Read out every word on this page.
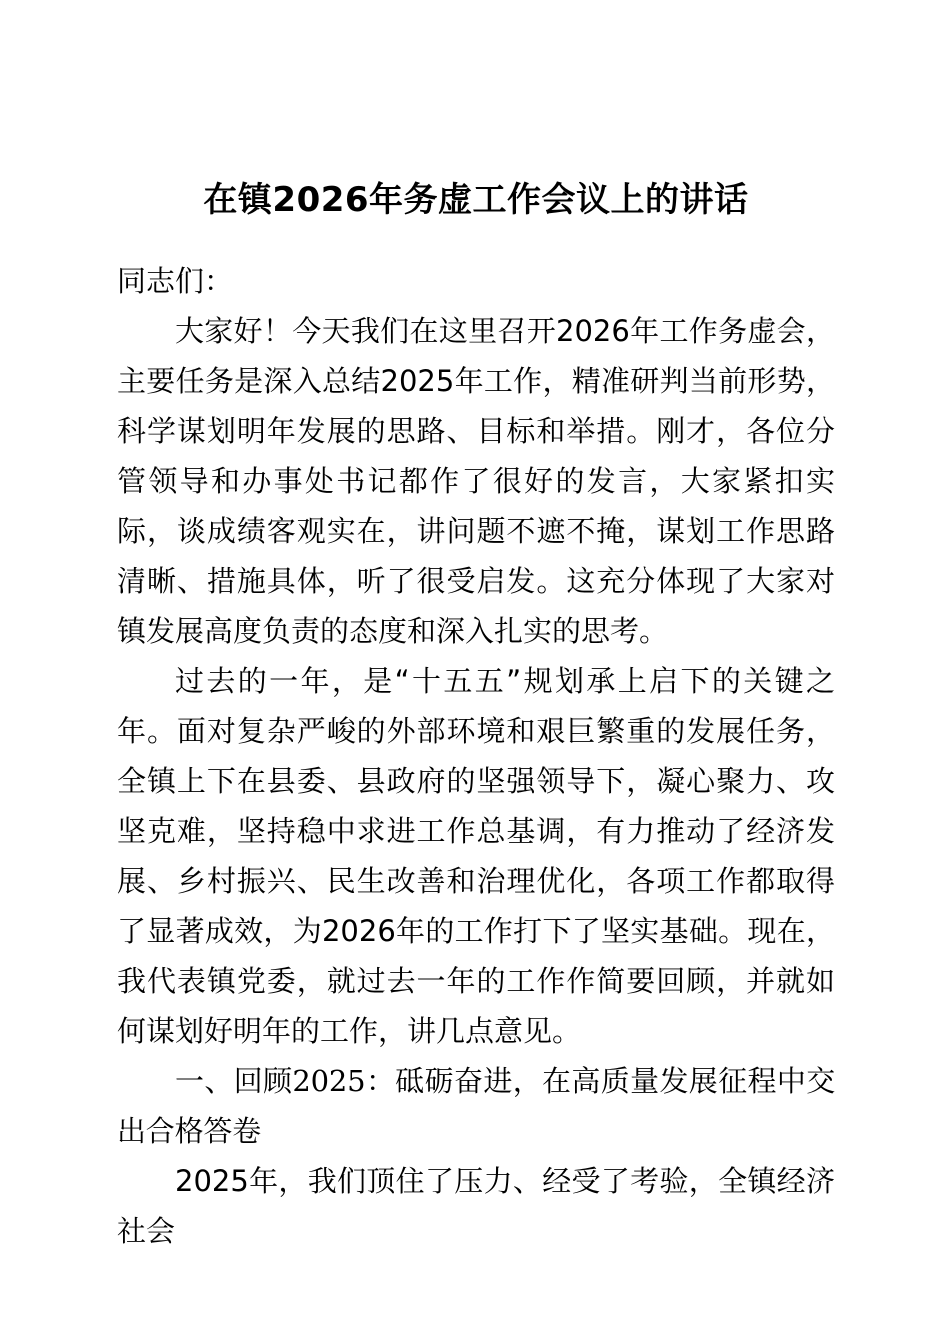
在镇2026年务虚工作会议上的讲话

同志们：

大家好！今天我们在这里召开2026年工作务虚会，主要任务是深入总结2025年工作，精准研判当前形势，科学谋划明年发展的思路、目标和举措。刚才，各位分管领导和办事处书记都作了很好的发言，大家紧扣实际，谈成绩客观实在，讲问题不遮不掩，谋划工作思路清晰、措施具体，听了很受启发。这充分体现了大家对镇发展高度负责的态度和深入扎实的思考。

过去的一年，是“十五五”规划承上启下的关键之年。面对复杂严峻的外部环境和艰巨繁重的发展任务，全镇上下在县委、县政府的坚强领导下，凝心聚力、攻坚克难，坚持稳中求进工作总基调，有力推动了经济发展、乡村振兴、民生改善和治理优化，各项工作都取得了显著成效，为2026年的工作打下了坚实基础。现在，我代表镇党委，就过去一年的工作作简要回顾，并就如何谋划好明年的工作，讲几点意见。

一、回顾2025：砥砺奋进，在高质量发展征程中交出合格答卷

2025年，我们顶住了压力、经受了考验，全镇经济社会
